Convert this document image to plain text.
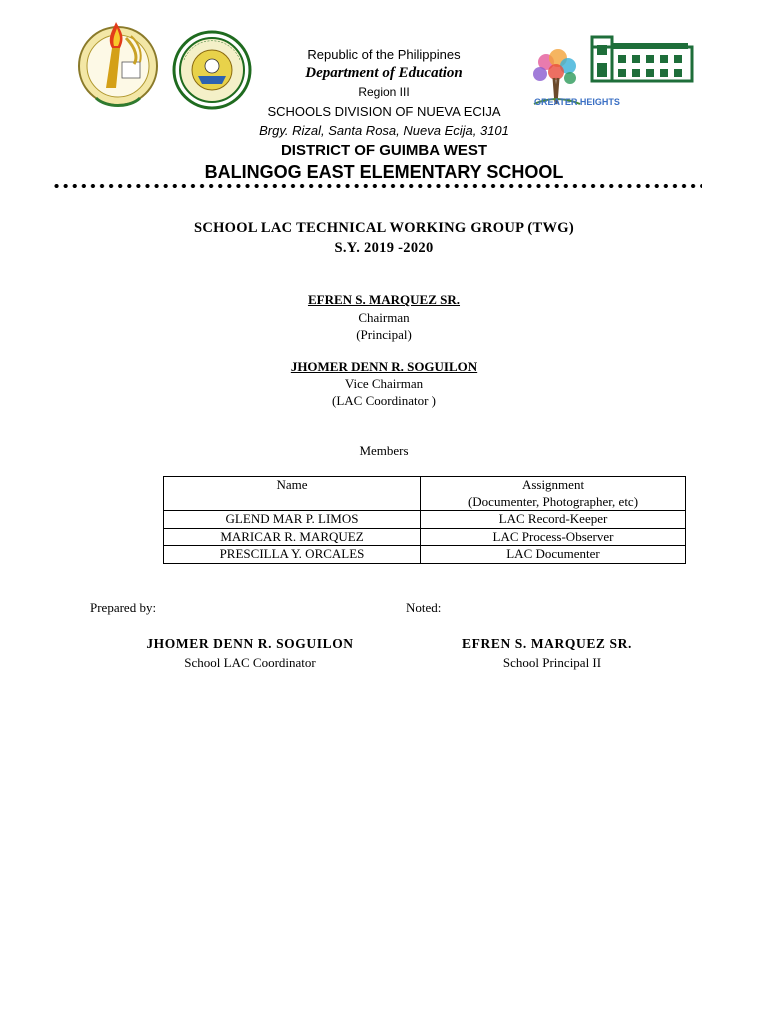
GREATER HEIGHTS
Republic of the Philippines
Department of Education
Region III
SCHOOLS DIVISION OF NUEVA ECIJA
Brgy. Rizal, Santa Rosa, Nueva Ecija, 3101
DISTRICT OF GUIMBA WEST
BALINGOG EAST ELEMENTARY SCHOOL
SCHOOL LAC TECHNICAL WORKING GROUP (TWG)
S.Y. 2019 -2020
EFREN S. MARQUEZ SR.
Chairman
(Principal)
JHOMER DENN R. SOGUILON
Vice Chairman
(LAC Coordinator )
Members
Name	Assignment
(Documenter, Photographer, etc)

GLEND MAR P. LIMOS	LAC Record-Keeper
MARICAR R. MARQUEZ	LAC Process-Observer
PRESCILLA Y. ORCALES	LAC Documenter
Prepared by:	Noted:
JHOMER DENN R. SOGUILON
School LAC Coordinator
EFREN S. MARQUEZ SR.
School Principal II
